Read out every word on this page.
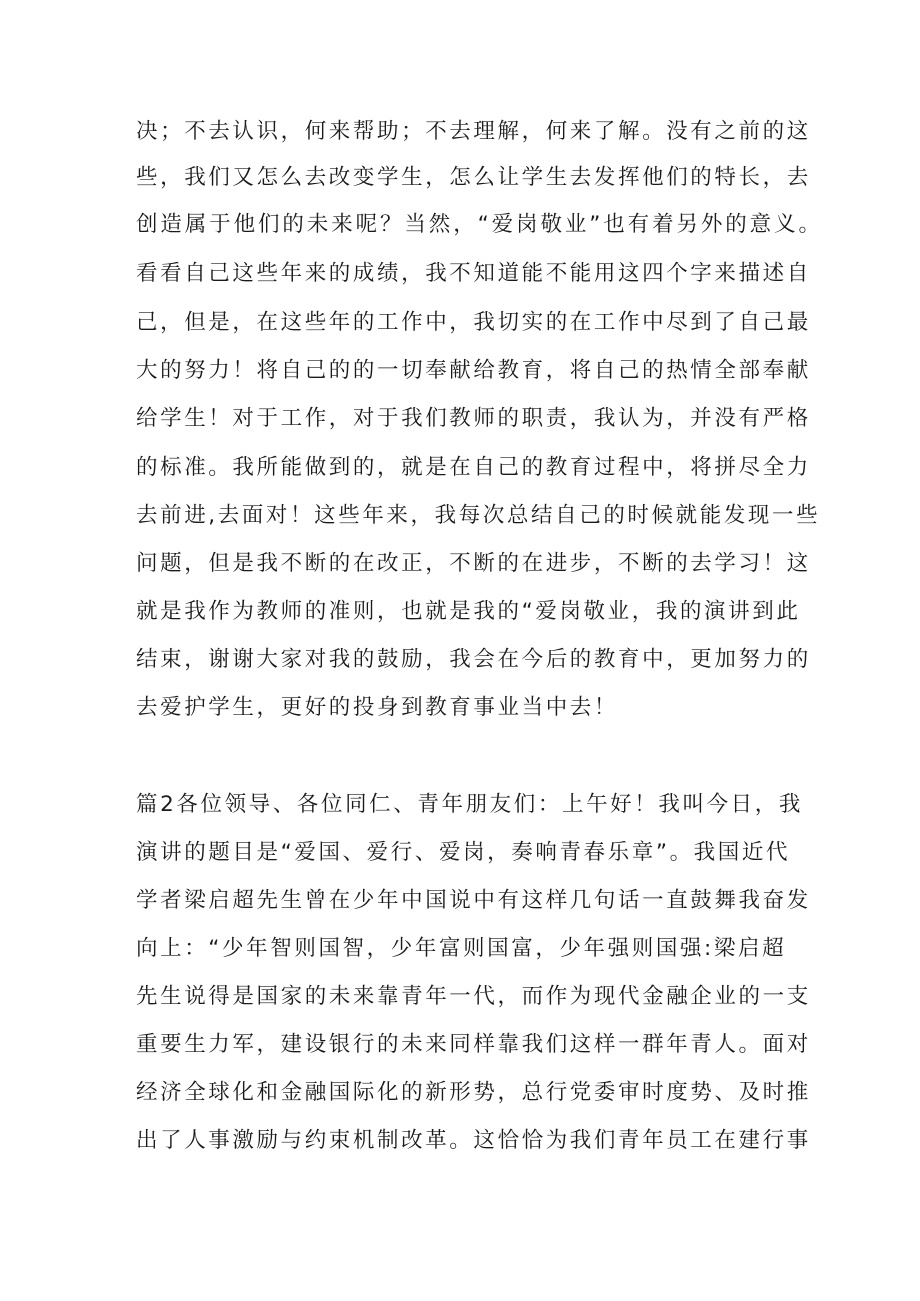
决；不去认识，何来帮助；不去理解，何来了解。没有之前的这
些，我们又怎么去改变学生，怎么让学生去发挥他们的特长，去
创造属于他们的未来呢？当然，“爱岗敬业”也有着另外的意义。
看看自己这些年来的成绩，我不知道能不能用这四个字来描述自
己，但是，在这些年的工作中，我切实的在工作中尽到了自己最
大的努力！将自己的的一切奉献给教育，将自己的热情全部奉献
给学生！对于工作，对于我们教师的职责，我认为，并没有严格
的标准。我所能做到的，就是在自己的教育过程中，将拼尽全力
去前进,去面对！这些年来，我每次总结自己的时候就能发现一些
问题，但是我不断的在改正，不断的在进步，不断的去学习！这
就是我作为教师的准则，也就是我的“爱岗敬业，我的演讲到此
结束，谢谢大家对我的鼓励，我会在今后的教育中，更加努力的
去爱护学生，更好的投身到教育事业当中去！
篇2各位领导、各位同仁、青年朋友们：上午好！我叫今日，我
演讲的题目是“爱国、爱行、爱岗，奏响青春乐章”。我国近代
学者梁启超先生曾在少年中国说中有这样几句话一直鼓舞我奋发
向上：“少年智则国智，少年富则国富，少年强则国强:梁启超
先生说得是国家的未来靠青年一代，而作为现代金融企业的一支
重要生力军，建设银行的未来同样靠我们这样一群年青人。面对
经济全球化和金融国际化的新形势，总行党委审时度势、及时推
出了人事激励与约束机制改革。这恰恰为我们青年员工在建行事
